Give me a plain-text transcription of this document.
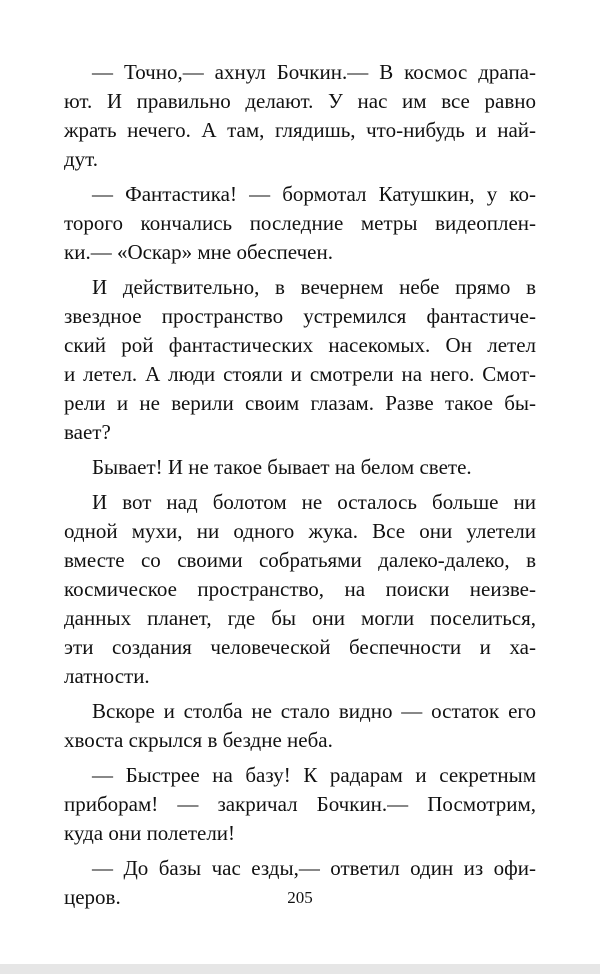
— Точно,— ахнул Бочкин.— В космос драпа-
ют. И правильно делают. У нас им все равно
жрать нечего. А там, глядишь, что-нибудь и най-
дут.
— Фантастика! — бормотал Катушкин, у ко-
торого кончались последние метры видеоплен-
ки.— «Оскар» мне обеспечен.
И действительно, в вечернем небе прямо в
звездное пространство устремился фантастиче-
ский рой фантастических насекомых. Он летел
и летел. А люди стояли и смотрели на него. Смот-
рели и не верили своим глазам. Разве такое бы-
вает?
Бывает! И не такое бывает на белом свете.
И вот над болотом не осталось больше ни
одной мухи, ни одного жука. Все они улетели
вместе со своими собратьями далеко-далеко, в
космическое пространство, на поиски неизве-
данных планет, где бы они могли поселиться,
эти создания человеческой беспечности и ха-
латности.
Вскоре и столба не стало видно — остаток его
хвоста скрылся в бездне неба.
— Быстрее на базу! К радарам и секретным
приборам! — закричал Бочкин.— Посмотрим,
куда они полетели!
— До базы час езды,— ответил один из офи-
церов.	205
